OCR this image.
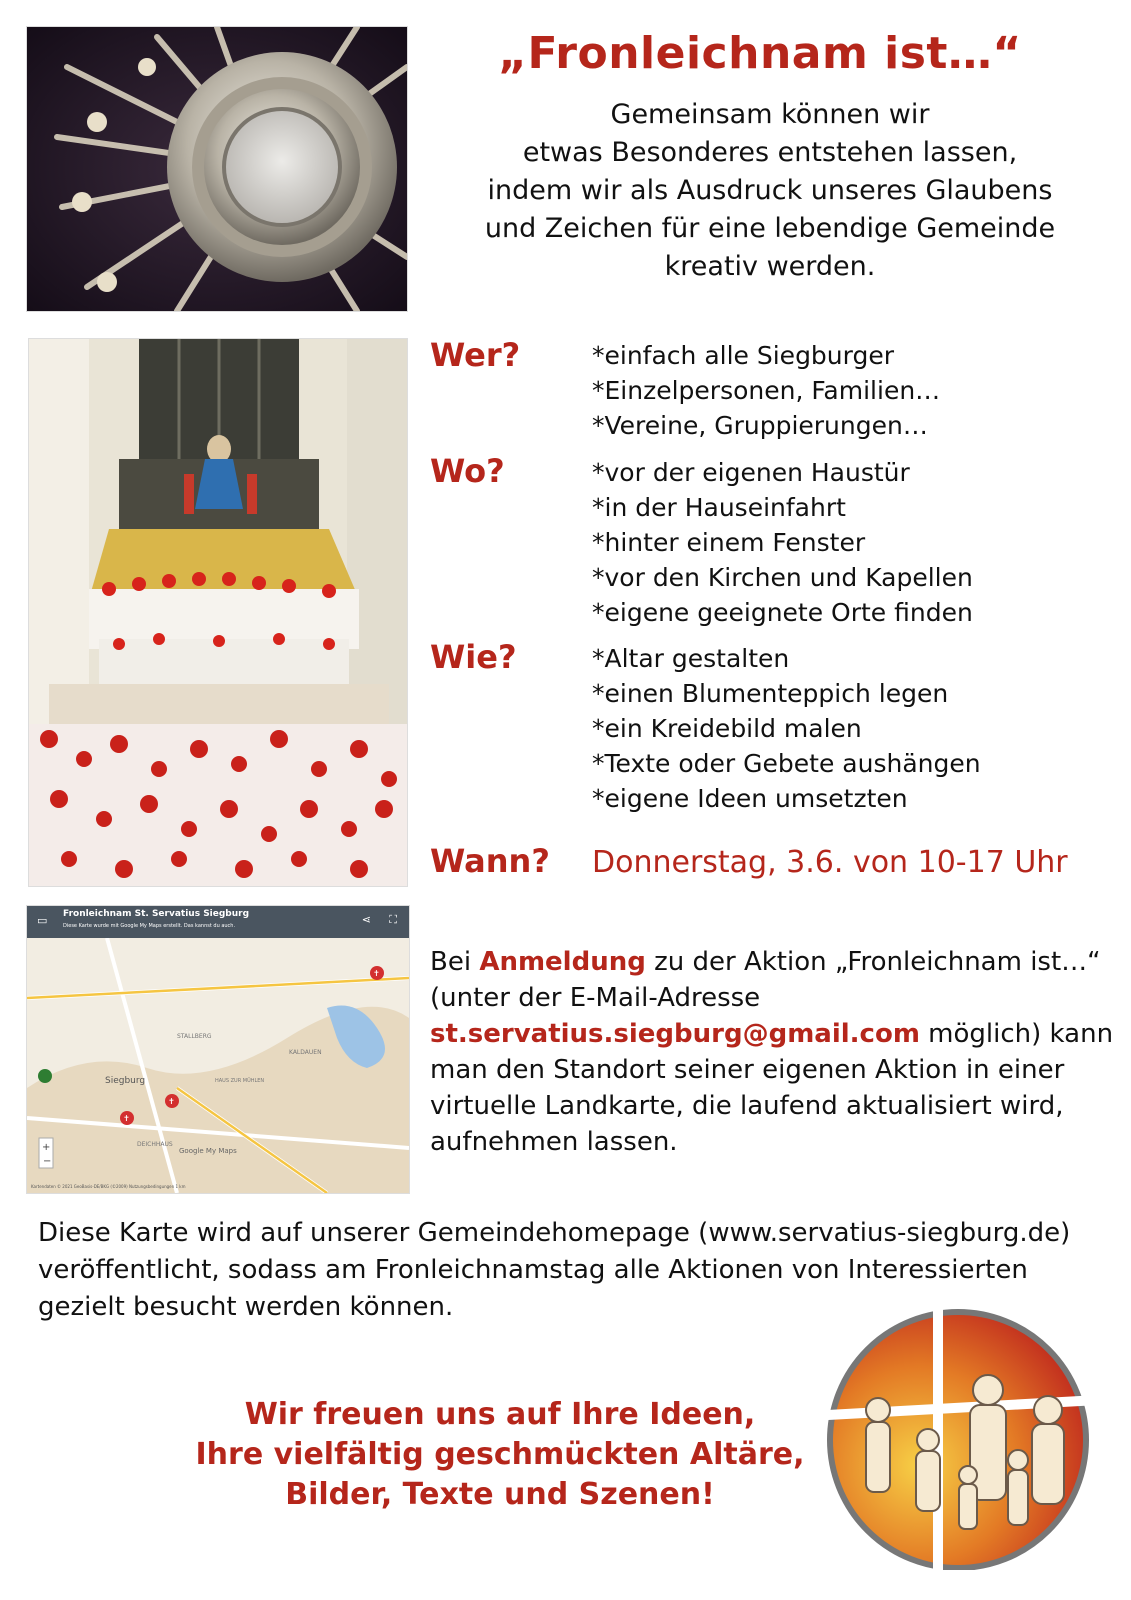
„Fronleichnam ist…“
Gemeinsam können wir
etwas Besonderes entstehen lassen,
indem wir als Ausdruck unseres Glaubens
und Zeichen für eine lebendige Gemeinde
kreativ werden.
Wer?	*einfach alle Siegburger
*Einzelpersonen, Familien…
*Vereine, Gruppierungen…
Wo?	*vor der eigenen Haustür
*in der Hauseinfahrt
*hinter einem Fenster
*vor den Kirchen und Kapellen
*eigene geeignete Orte finden
Wie?	*Altar gestalten
*einen Blumenteppich legen
*ein Kreidebild malen
*Texte oder Gebete aushängen
*eigene Ideen umsetzten
Wann? Donnerstag, 3.6. von 10-17 Uhr
Fronleichnam St. Servatius Siegburg
Diese Karte wurde mit Google My Maps erstellt. Das kannst du auch.
▭	⋖ ⛶
Siegburg
STALLBERG
KALDAUEN
HAUS ZUR MÜHLEN
DEICHHAUS
Google My Maps
Kartendaten © 2021 GeoBasis-DE/BKG (©2009) Nutzungsbedingungen 1 km
✝
✝
✝
+
−
Bei Anmeldung zu der Aktion „Fronleichnam ist…“ (unter der E-Mail-Adresse st.servatius.siegburg@gmail.com möglich) kann man den Standort seiner eigenen Aktion in einer virtuelle Landkarte, die laufend aktualisiert wird, aufnehmen lassen.
Diese Karte wird auf unserer Gemeindehomepage (www.servatius-siegburg.de) veröffentlicht, sodass am Fronleichnamstag alle Aktionen von Interessierten gezielt besucht werden können.
Wir freuen uns auf Ihre Ideen,
Ihre vielfältig geschmückten Altäre,
Bilder, Texte und Szenen!
